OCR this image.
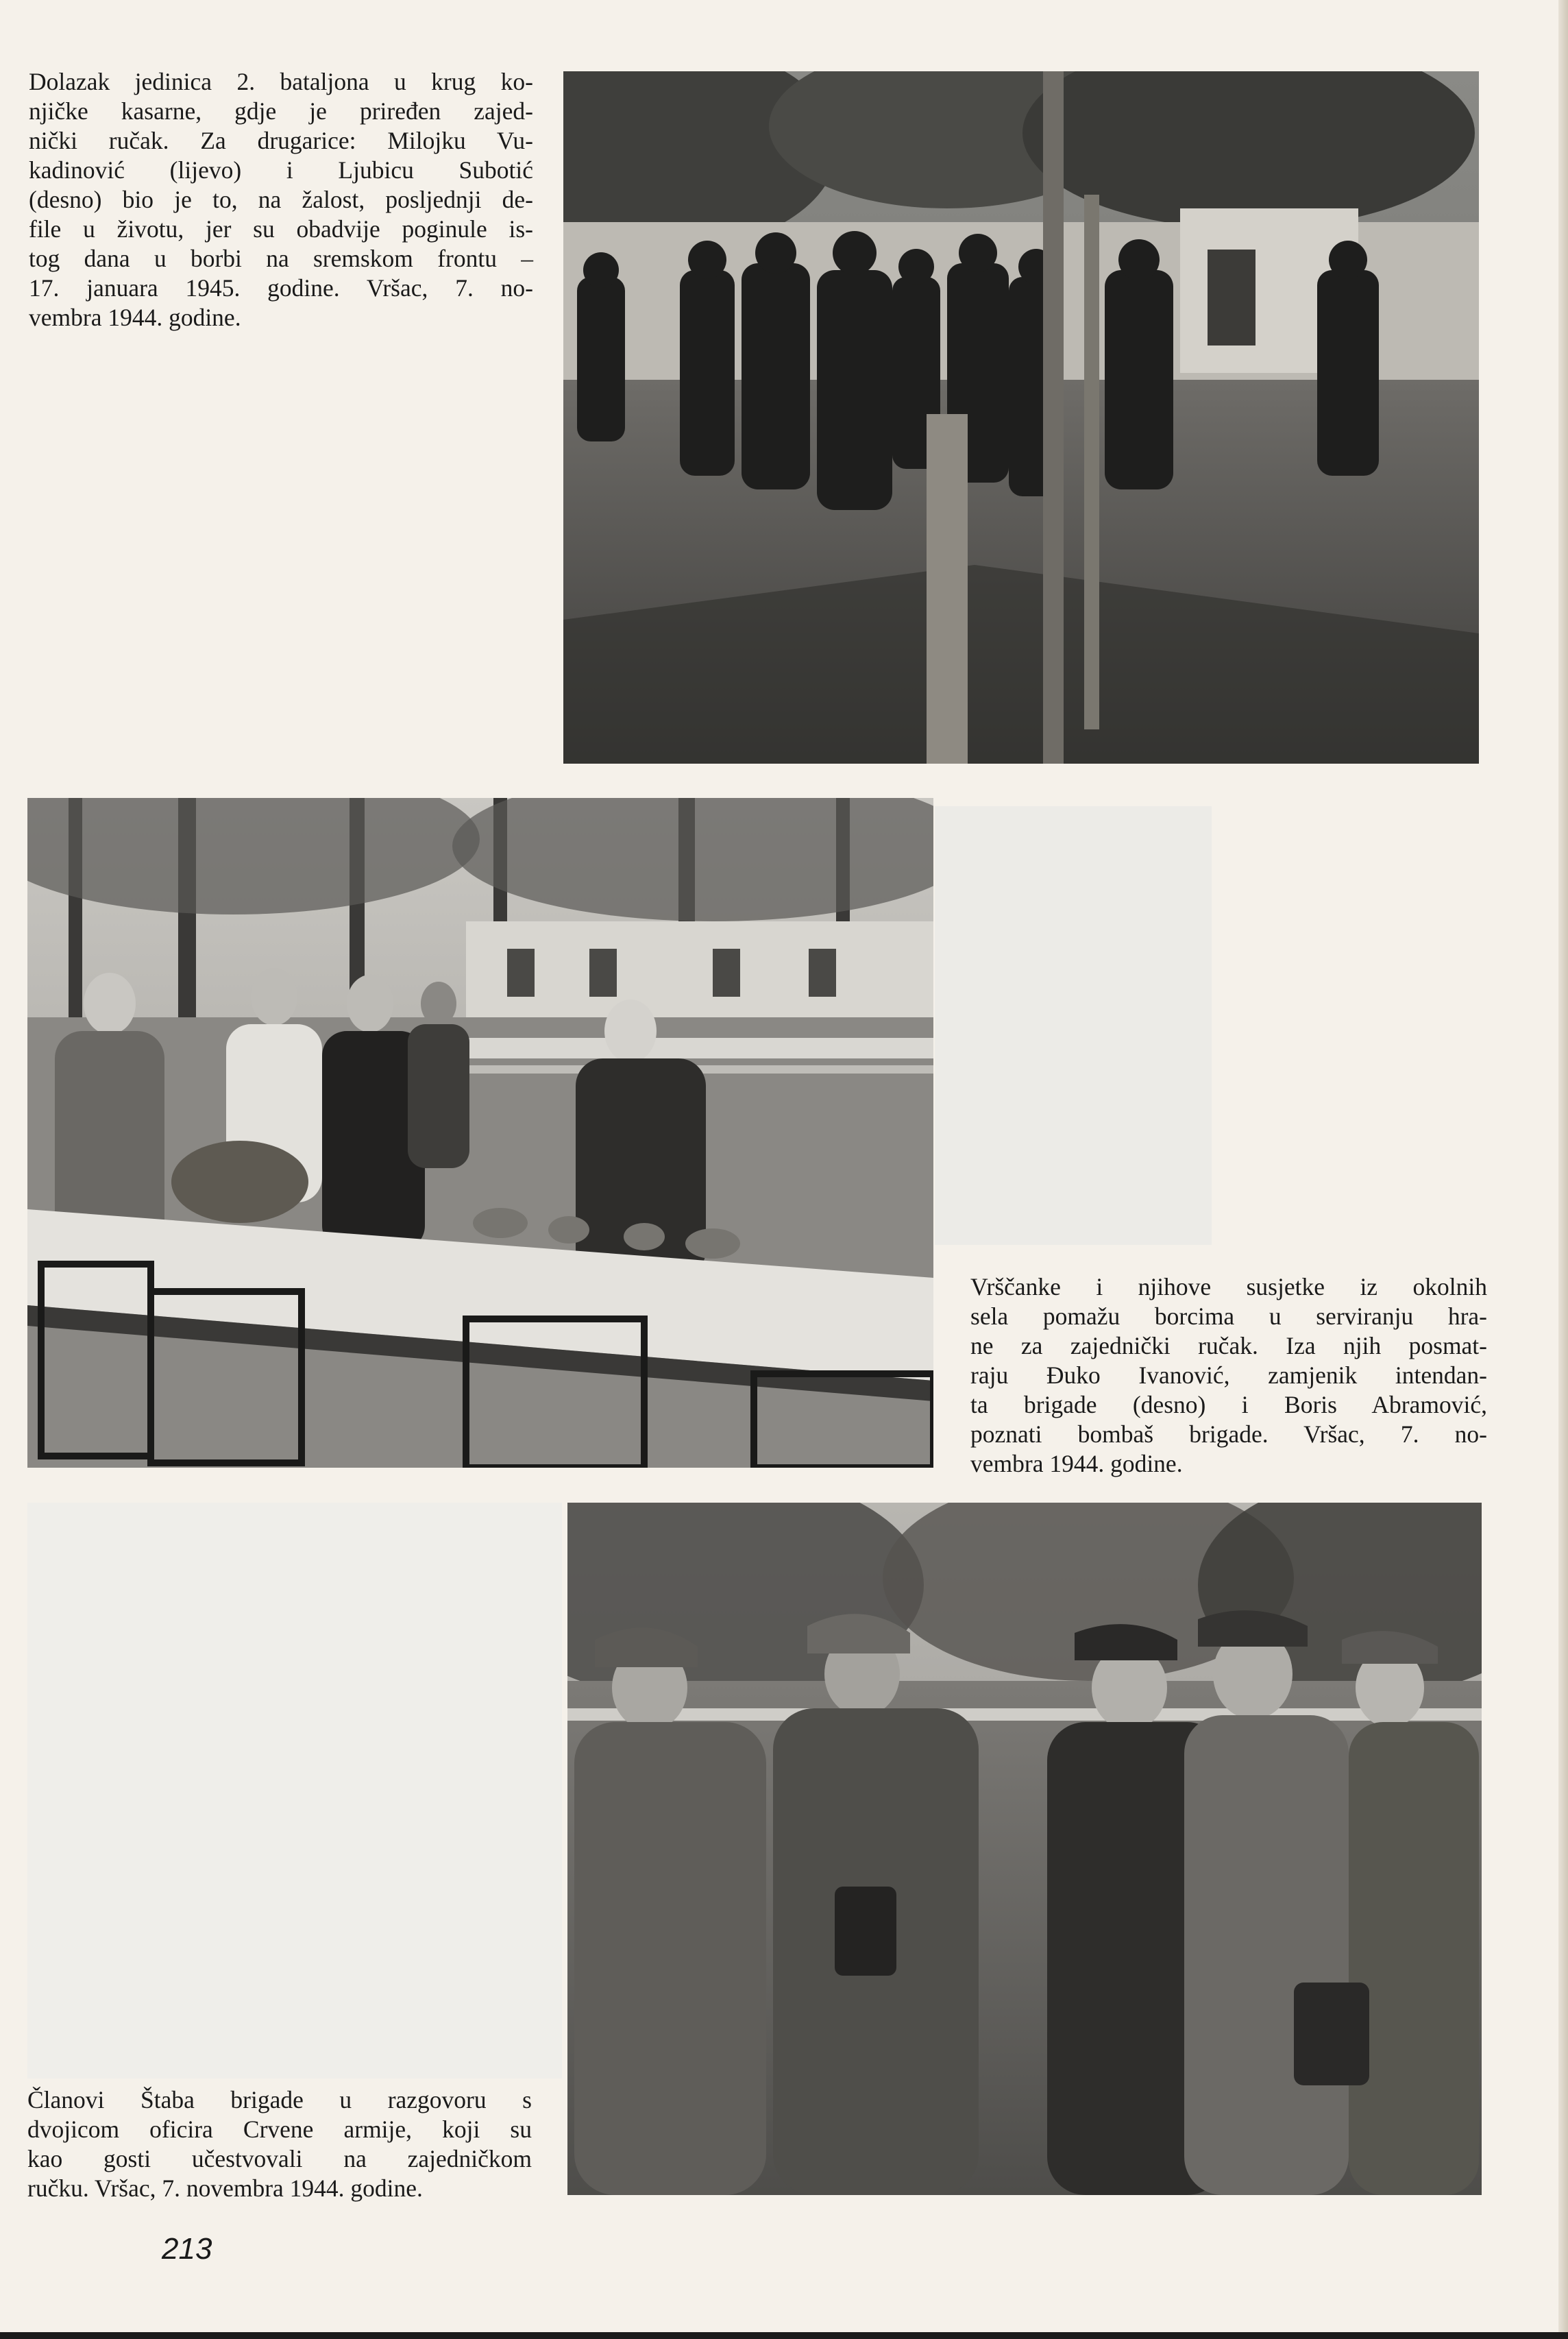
Dolazak jedinica 2. bataljona u krug ko-
njičke kasarne, gdje je priređen zajed-
nički ručak. Za drugarice: Milojku Vu-
kadinović (lijevo) i Ljubicu Subotić
(desno) bio je to, na žalost, posljednji de-
file u životu, jer su obadvije poginule is-
tog dana u borbi na sremskom frontu –
17. januara 1945. godine. Vršac, 7. no-
vembra 1944. godine.
Vrščanke i njihove susjetke iz okolnih
sela pomažu borcima u serviranju hra-
ne za zajednički ručak. Iza njih posmat-
raju Đuko Ivanović, zamjenik intendan-
ta brigade (desno) i Boris Abramović,
poznati bombaš brigade. Vršac, 7. no-
vembra 1944. godine.
Članovi Štaba brigade u razgovoru s
dvojicom oficira Crvene armije, koji su
kao gosti učestvovali na zajedničkom
ručku. Vršac, 7. novembra 1944. godine.
213
